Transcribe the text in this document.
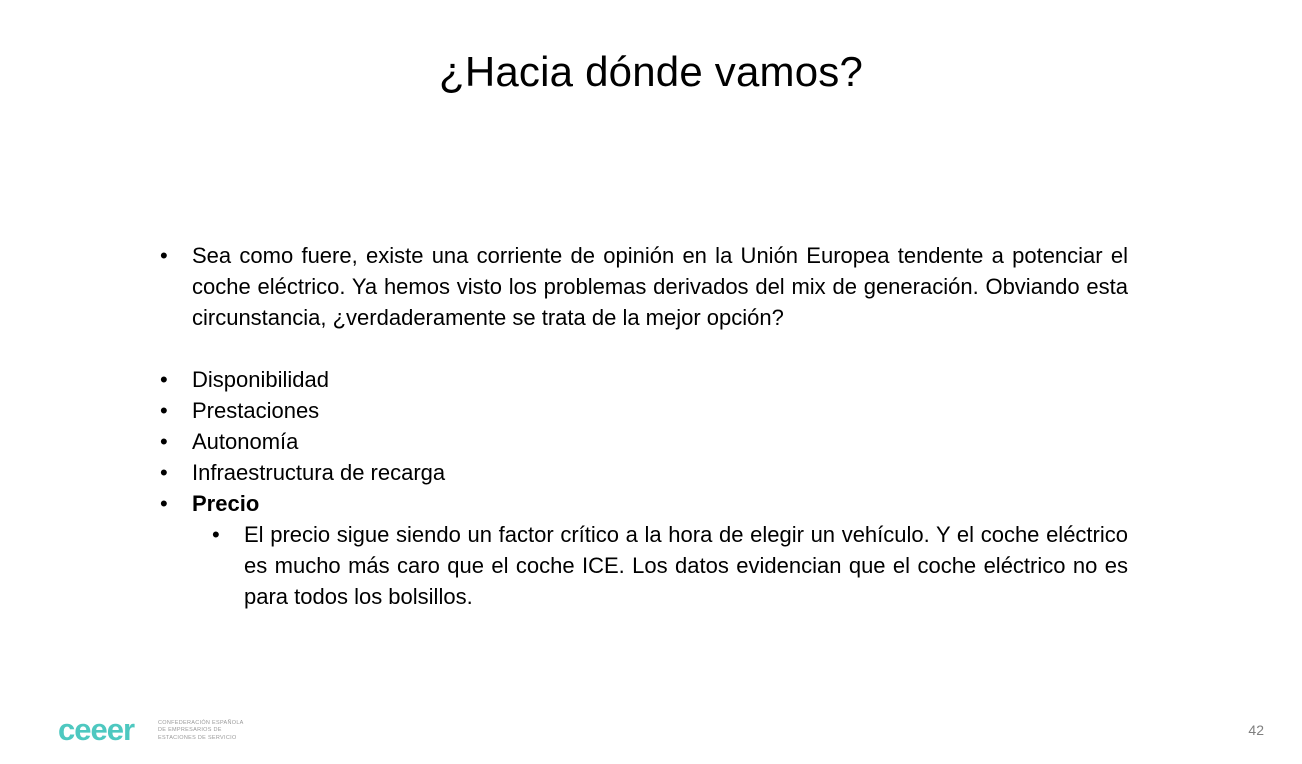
¿Hacia dónde vamos?
• Sea como fuere, existe una corriente de opinión en la Unión Europea tendente a potenciar el coche eléctrico. Ya hemos visto los problemas derivados del mix de generación. Obviando esta circunstancia, ¿verdaderamente se trata de la mejor opción?
• Disponibilidad
• Prestaciones
• Autonomía
• Infraestructura de recarga
• Precio
• El precio sigue siendo un factor crítico a la hora de elegir un vehículo. Y el coche eléctrico es mucho más caro que el coche ICE. Los datos evidencian que el coche eléctrico no es para todos los bolsillos.
ceeer	CONFEDERACIÓN ESPAÑOLA
DE EMPRESARIOS DE
ESTACIONES DE SERVICIO	42
